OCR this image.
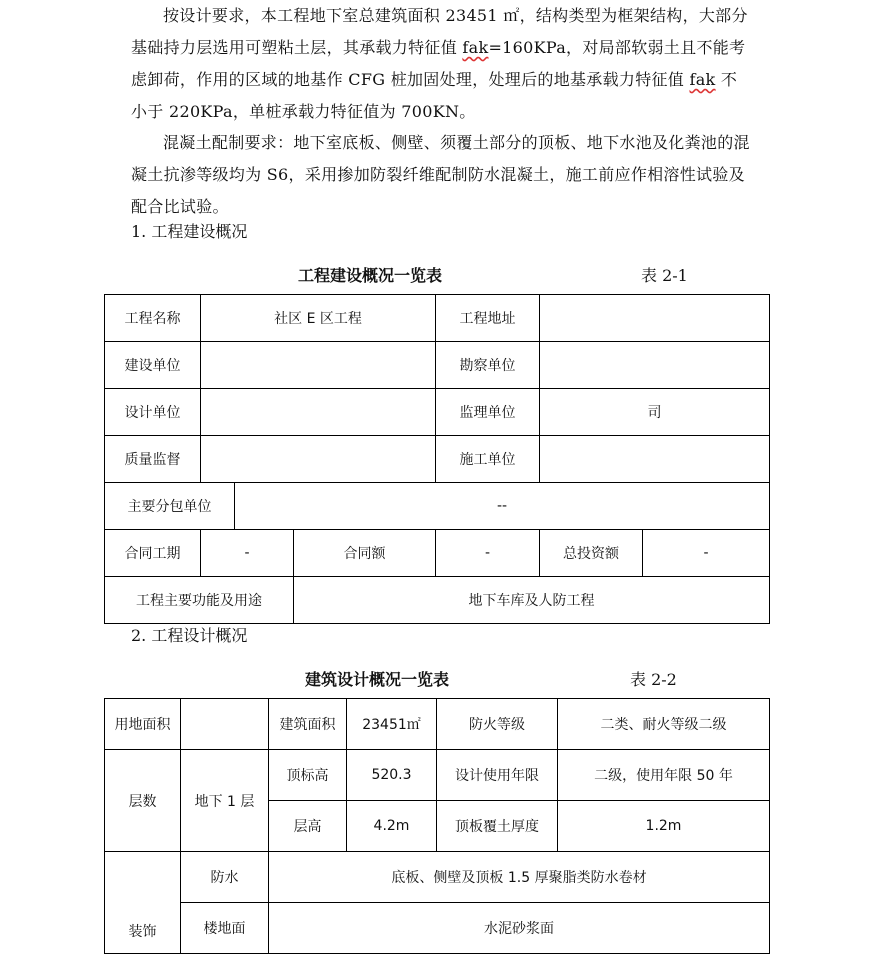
按设计要求，本工程地下室总建筑面积 23451 ㎡，结构类型为框架结构，大部分基础持力层选用可塑粘土层，其承载力特征值 fak=160KPa，对局部软弱土且不能考虑卸荷，作用的区域的地基作 CFG 桩加固处理，处理后的地基承载力特征值 fak 不小于 220KPa，单桩承载力特征值为 700KN。

混凝土配制要求：地下室底板、侧壁、须覆土部分的顶板、地下水池及化粪池的混凝土抗渗等级均为 S6，采用掺加防裂纤维配制防水混凝土，施工前应作相溶性试验及配合比试验。

1. 工程建设概况

工程建设概况一览表	表 2-1

工程名称	社区 E 区工程			工程地址		
建设单位				勘察单位		
设计单位				监理单位	司	
质量监督				施工单位		
主要分包单位		--				
合同工期	-		合同额	-	总投资额	-
工程主要功能及用途			地下车库及人防工程			

2. 工程设计概况

建筑设计概况一览表	表 2-2

用地面积		建筑面积	23451㎡	防火等级	二类、耐火等级二级
层数	地下 1 层	顶标高	520.3	设计使用年限	二级，使用年限 50 年
		层高	4.2m	顶板覆土厚度	1.2m
装饰	防水	底板、侧壁及顶板 1.5 厚聚脂类防水卷材			
	楼地面	水泥砂浆面			
